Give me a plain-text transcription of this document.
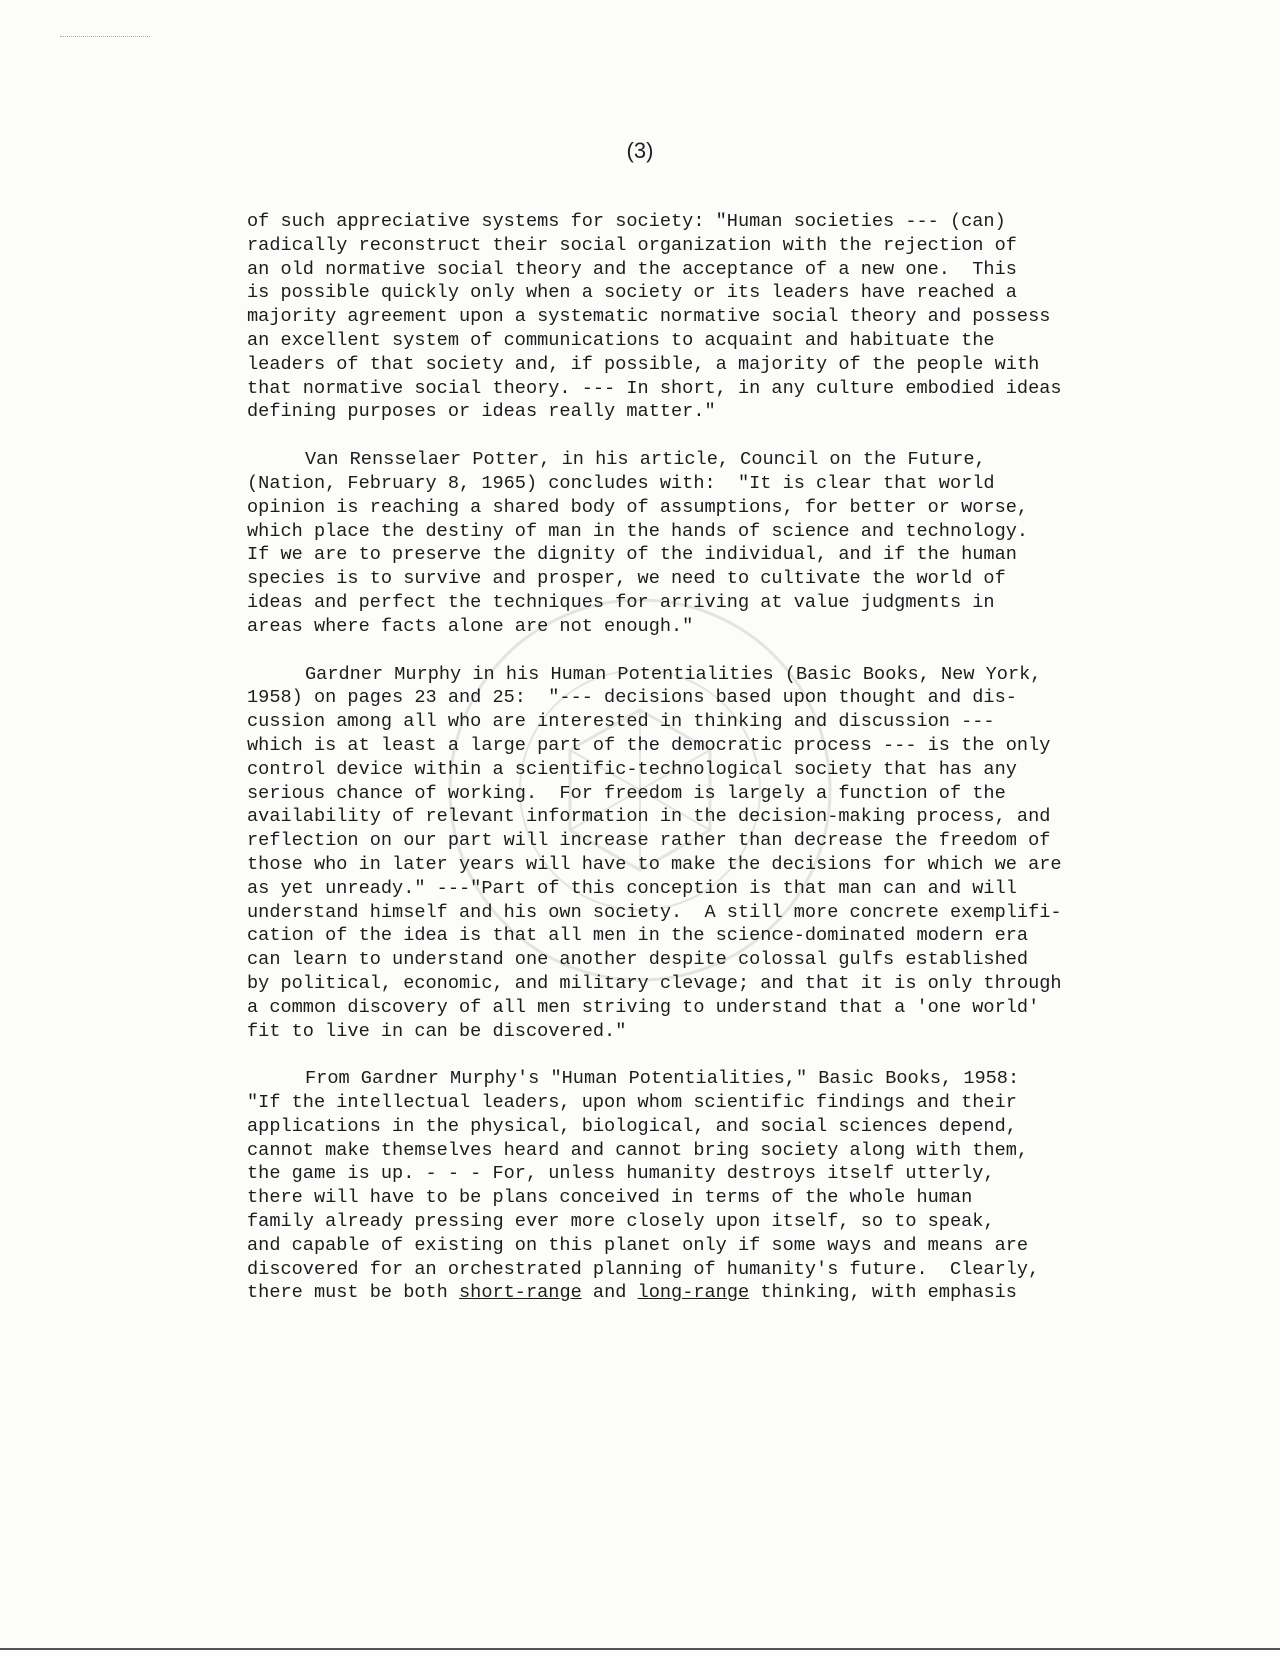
(3)
of such appreciative systems for society: "Human societies --- (can)
radically reconstruct their social organization with the rejection of
an old normative social theory and the acceptance of a new one.  This
is possible quickly only when a society or its leaders have reached a
majority agreement upon a systematic normative social theory and possess
an excellent system of communications to acquaint and habituate the
leaders of that society and, if possible, a majority of the people with
that normative social theory. --- In short, in any culture embodied ideas
defining purposes or ideas really matter."
Van Rensselaer Potter, in his article, Council on the Future,
(Nation, February 8, 1965) concludes with:  "It is clear that world
opinion is reaching a shared body of assumptions, for better or worse,
which place the destiny of man in the hands of science and technology.
If we are to preserve the dignity of the individual, and if the human
species is to survive and prosper, we need to cultivate the world of
ideas and perfect the techniques for arriving at value judgments in
areas where facts alone are not enough."
Gardner Murphy in his Human Potentialities (Basic Books, New York,
1958) on pages 23 and 25:  "--- decisions based upon thought and dis-
cussion among all who are interested in thinking and discussion ---
which is at least a large part of the democratic process --- is the only
control device within a scientific-technological society that has any
serious chance of working.  For freedom is largely a function of the
availability of relevant information in the decision-making process, and
reflection on our part will increase rather than decrease the freedom of
those who in later years will have to make the decisions for which we are
as yet unready." ---"Part of this conception is that man can and will
understand himself and his own society.  A still more concrete exemplifi-
cation of the idea is that all men in the science-dominated modern era
can learn to understand one another despite colossal gulfs established
by political, economic, and military clevage; and that it is only through
a common discovery of all men striving to understand that a 'one world'
fit to live in can be discovered."
From Gardner Murphy's "Human Potentialities," Basic Books, 1958:
"If the intellectual leaders, upon whom scientific findings and their
applications in the physical, biological, and social sciences depend,
cannot make themselves heard and cannot bring society along with them,
the game is up. - - - For, unless humanity destroys itself utterly,
there will have to be plans conceived in terms of the whole human
family already pressing ever more closely upon itself, so to speak,
and capable of existing on this planet only if some ways and means are
discovered for an orchestrated planning of humanity's future.  Clearly,
there must be both short-range and long-range thinking, with emphasis
